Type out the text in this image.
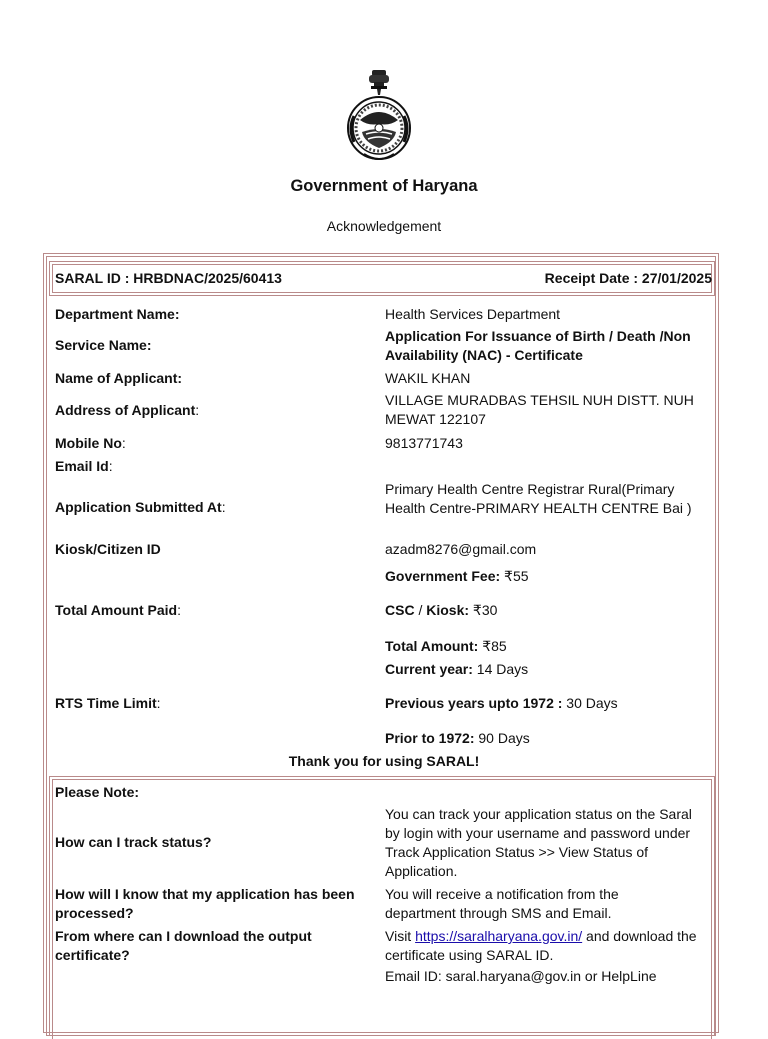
Government of Haryana
Acknowledgement
SARAL ID : HRBDNAC/2025/60413	Receipt Date : 27/01/2025
Department Name:	Health Services Department
Service Name:
Application For Issuance of Birth / Death /Non Availability (NAC) - Certificate
Name of Applicant:	WAKIL KHAN
Address of Applicant:
VILLAGE MURADBAS TEHSIL NUH DISTT. NUH MEWAT 122107
Mobile No:	9813771743
Email Id:
Application Submitted At:
Primary Health Centre Registrar Rural(Primary Health Centre-PRIMARY HEALTH CENTRE Bai )
Kiosk/Citizen ID	azadm8276@gmail.com
Total Amount Paid:
Government Fee: ₹55
CSC / Kiosk: ₹30
Total Amount: ₹85
RTS Time Limit:
Current year: 14 Days
Previous years upto 1972 : 30 Days
Prior to 1972: 90 Days
Thank you for using SARAL!
Please Note:
How can I track status?
You can track your application status on the Saral by login with your username and password under Track Application Status >> View Status of Application.
How will I know that my application has been processed?
You will receive a notification from the department through SMS and Email.
From where can I download the output certificate?
Visit https://saralharyana.gov.in/ and download the certificate using SARAL ID.
Email ID: saral.haryana@gov.in or HelpLine
